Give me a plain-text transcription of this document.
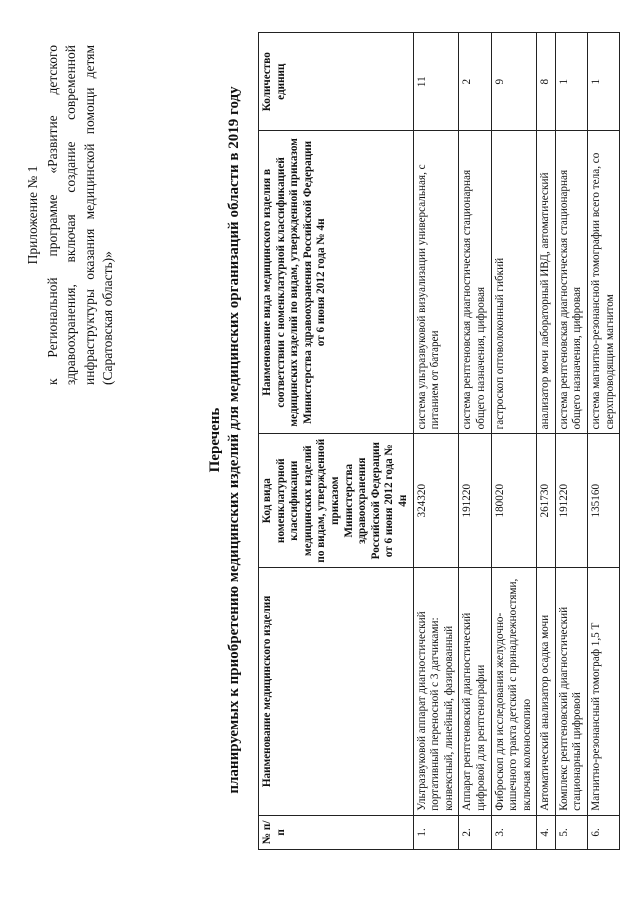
Приложение № 1 к Региональной программе «Развитие детского здравоохранения, включая создание современной инфраструктуры оказания медицинской помощи детям (Саратовская область)»
Перечень планируемых к приобретению медицинских изделий для медицинских организаций области в 2019 году
№ п/п	Наименование медицинского изделия	Код вида номенклатурной классификации медицинских изделий по видам, утвержденной приказом Министерства здравоохранения Российской Федерации от 6 июня 2012 года № 4н	Наименование вида медицинского изделия в соответствии с номенклатурной классификацией медицинских изделий по видам, утвержденной приказом Министерства здравоохранения Российской Федерации от 6 июня 2012 года № 4н	Количество единиц
1.	Ультразвуковой аппарат диагностический портативный переносной с 3 датчиками: конвексный, линейный, фазированный	324320	система ультразвуковой визуализации универсальная, с питанием от батареи	11
2.	Аппарат рентгеновский диагностический цифровой для рентгенографии	191220	система рентгеновская диагностическая стационарная общего назначения, цифровая	2
3.	Фиброскоп для исследования желудочно-кишечного тракта детский с принадлежностями, включая колоноскопию	180020	гастроскоп оптоволоконный гибкий	9
4.	Автоматический анализатор осадка мочи	261730	анализатор мочи лабораторный ИВД, автоматический	8
5.	Комплекс рентгеновский диагностический стационарный цифровой	191220	система рентгеновская диагностическая стационарная общего назначения, цифровая	1
6.	Магнитно-резонансный томограф 1,5 Т	135160	система магнитно-резонансной томографии всего тела, со сверхпроводящим магнитом	1
